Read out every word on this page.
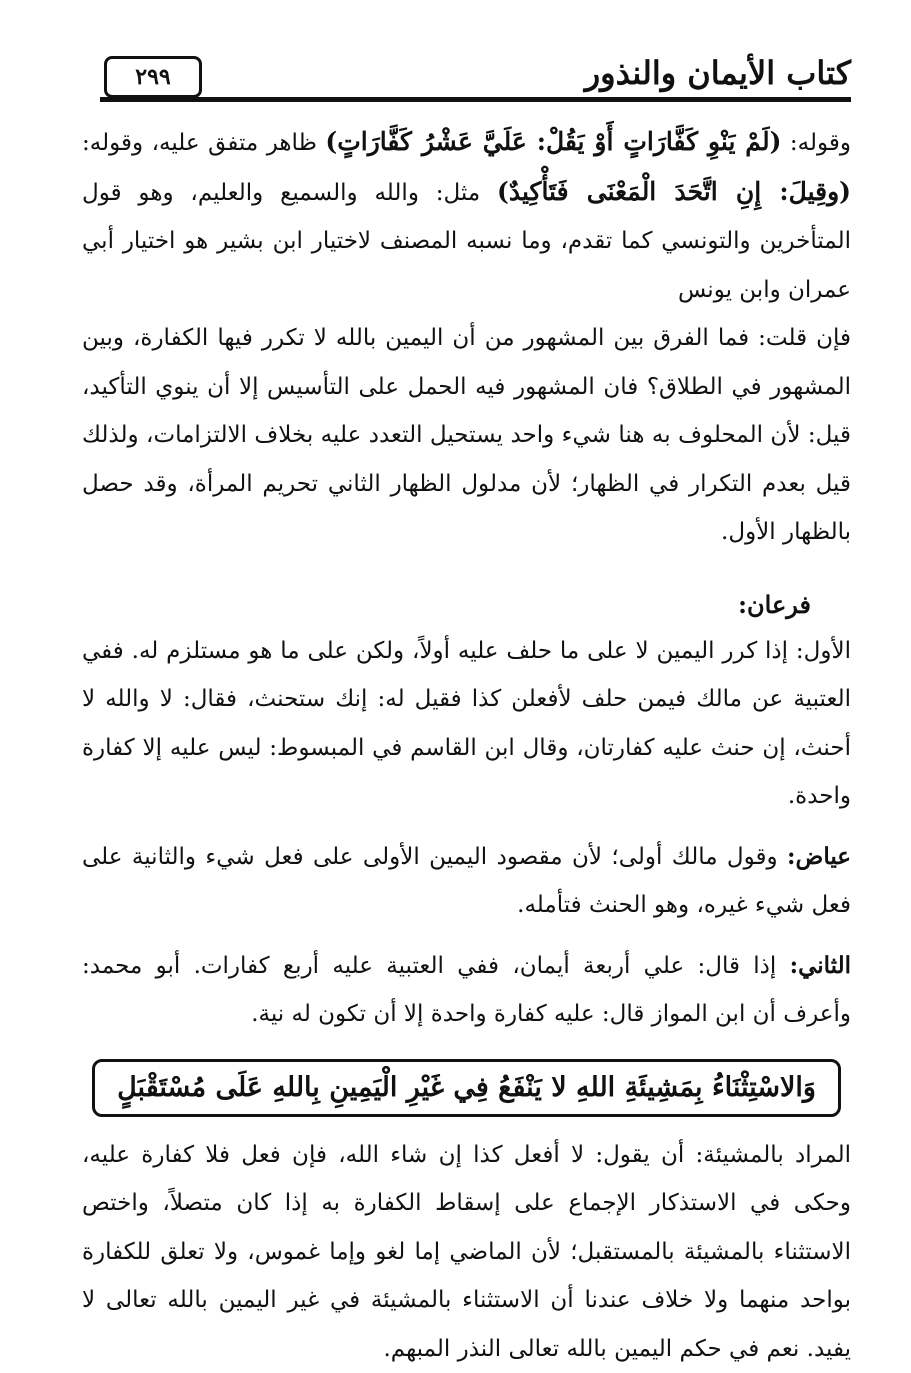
٢٩٩	كتاب الأيمان والنذور

وقوله: (لَمْ يَنْوِ كَفَّارَاتٍ أَوْ يَقُلْ: عَلَيَّ عَشْرُ كَفَّارَاتٍ) ظاهر متفق عليه، وقوله: (وقِيلَ: إِنِ اتَّحَدَ الْمَعْنَى فَتَأْكِيدٌ) مثل: والله والسميع والعليم، وهو قول المتأخرين والتونسي كما تقدم، وما نسبه المصنف لاختيار ابن بشير هو اختيار أبي عمران وابن يونس

فإن قلت: فما الفرق بين المشهور من أن اليمين بالله لا تكرر فيها الكفارة، وبين المشهور في الطلاق؟ فان المشهور فيه الحمل على التأسيس إلا أن ينوي التأكيد، قيل: لأن المحلوف به هنا شيء واحد يستحيل التعدد عليه بخلاف الالتزامات، ولذلك قيل بعدم التكرار في الظهار؛ لأن مدلول الظهار الثاني تحريم المرأة، وقد حصل بالظهار الأول.

فرعان:

الأول: إذا كرر اليمين لا على ما حلف عليه أولاً، ولكن على ما هو مستلزم له. ففي العتبية عن مالك فيمن حلف لأفعلن كذا فقيل له: إنك ستحنث، فقال: لا والله لا أحنث، إن حنث عليه كفارتان، وقال ابن القاسم في المبسوط: ليس عليه إلا كفارة واحدة.

عياض: وقول مالك أولى؛ لأن مقصود اليمين الأولى على فعل شيء والثانية على فعل شيء غيره، وهو الحنث فتأمله.

الثاني: إذا قال: علي أربعة أيمان، ففي العتبية عليه أربع كفارات. أبو محمد: وأعرف أن ابن المواز قال: عليه كفارة واحدة إلا أن تكون له نية.

وَالاسْتِثْنَاءُ بِمَشِيئَةِ اللهِ لا يَنْفَعُ فِي غَيْرِ الْيَمِينِ بِاللهِ عَلَى مُسْتَقْبَلٍ

المراد بالمشيئة: أن يقول: لا أفعل كذا إن شاء الله، فإن فعل فلا كفارة عليه، وحكى في الاستذكار الإجماع على إسقاط الكفارة به إذا كان متصلاً، واختص الاستثناء بالمشيئة بالمستقبل؛ لأن الماضي إما لغو وإما غموس، ولا تعلق للكفارة بواحد منهما ولا خلاف عندنا أن الاستثناء بالمشيئة في غير اليمين بالله تعالى لا يفيد. نعم في حكم اليمين بالله تعالى النذر المبهم.
